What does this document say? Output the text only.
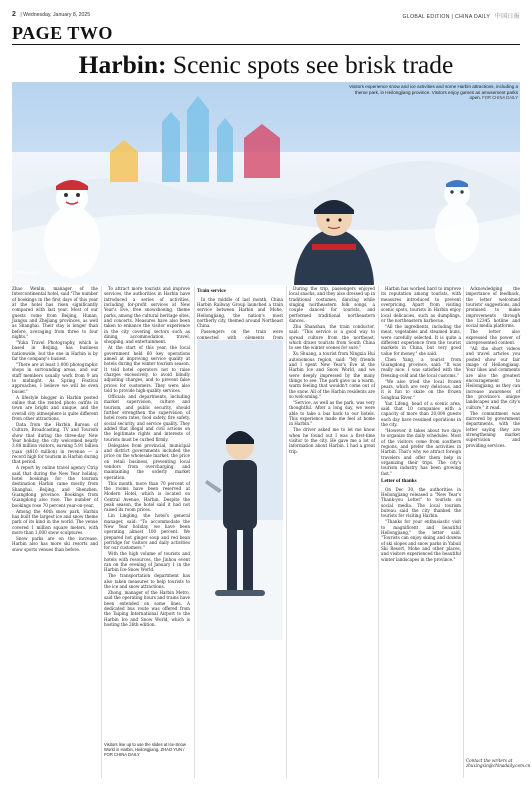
2 | Wednesday, January 8, 2025	GLOBAL EDITION | CHINA DAILY 中国日报
PAGE TWO
Harbin: Scenic spots see brisk trade
Visitors experience snow and ice activities and some Harbin attractions, including a theme park, in Heilongjiang province. Visitors enjoy games as amusement parks open. FOR CHINA DAILY
From page 1

Zhao Wenlin, manager of the Intercontinental hotel, said "The number of bookings in the first days of this year at the hotel has risen significantly compared with last year. Most of our guests come from Beijing, Hunan, Jiangsu and Zhejiang provinces, as well as Shanghai. Their stay is longer than before, averaging from three to four nights."

"Yuka Travel Photography, which is based in Beijing, has business nationwide, but the one in Harbin is by far the company's busiest.

"There are at least 1,000 photographic shops in surrounding areas, and our staff members usually work from 9 am to midnight. As Spring Festival approaches, I believe we will be even busier."

A lifestyle blogger in Harbin posted online that the rented photo outfits in town are bright and unique, and the overall city atmosphere is quite different from other attractions.

Data from the Harbin Bureau of Culture, Broadcasting, TV and Tourism show that during the three-day New Year holiday, the city welcomed nearly 3.88 million visitors, earning 5.91 billion yuan ($810 million) in revenue — a record high for tourism in Harbin during that period.

A report by online travel agency Ctrip said that during the New Year holiday, hotel bookings for the tourism destination Harbin came mostly from Shanghai, Beijing, and Shenzhen, Guangdong province. Bookings from Guangdong also rose. The number of bookings rose 70 percent year-on-year.

Among the 40th snow park, Harbin has built the largest ice and snow theme park of its kind in the world. The venue covered 1 million square meters, with more than 1,000 snow sculptures.

Snow parks are on the increase. Harbin also has more ski resorts and snow sports venues than before.

To attract more tourists and improve services, the authorities in Harbin have introduced a series of activities, including for-profit services at New Year's Eve, free snowshoeing, theme parks, among the cultural heritage sites, and concerts. Measures have also been taken to enhance the visitor experience in the city covering sectors such as dining, accommodation, travel, shopping, and entertainment.

At the start of this year, the local government held 60 key operations aimed at improving service quality at hotels during the winter tourism season. It told hotel operators not to raise charges excessively, to avoid blindly adjusting charges, and to prevent false prices for customers. They were also told to provide high-quality services.

Officials and departments, including market supervision, culture and tourism, and public security, should further strengthen the supervision of hotel room rates, food safety, fire safety, social security, and service quality. They added that illegal and civil actions on the legitimate rights and interests of tourists must be curbed firmly.

Delegates from provincial, municipal and district governments included the price on the wholesale market, the price on retail business, preventing local vendors from overcharging, and maintaining the orderly market operation.

This month, more than 70 percent of the rooms have been reserved at Modern Hotel, which is located on Central Avenue, Harbin. Despite the peak season, the hotel said it had not raised its room prices.

Lin Lingling, the hotel's general manager, said: "To accommodate the New Year holiday, we have been operating almost 100 percent. We prepared hot ginger soup and red bean porridge for visitors and daily activities for our customers."

With the high volume of tourists and hotels with resources, the Jinhou event ran on the evening of January 1 in the Harbin Ice-Snow World.

The transportation department has also taken measures to help tourists to the ice and snow attractions.

Zhong, manager of the Harbin Metro, said the operating hours and trains have been extended on some lines. A dedicated bus route was offered from the Taiping International Airport to the Harbin Ice and Snow World, which is hosting the 26th edition.

Train service

In the middle of last month, China Harbin Railway Group launched a train service between Harbin and Mohe, Heilongjiang, the nation's most northerly city, themed around Northeast China.

Passengers on the train were connected with elements from

During the trip, passengers enjoyed local snacks, and they also dressed up in traditional costumes, dancing while singing northeastern folk songs, a couple danced for tourists, and performed traditional northeastern dances.

Zhu Shanshan, the train conductor, said: "This service is a good way to spread culture from the northeast, which draws tourists from South China to see the winter scenes for sure."

Xu Shuang, a tourist from Ningxia Hui autonomous region, said: "My friends and I spent New Year's Eve at the Harbin Ice and Snow World, and we were deeply impressed by the many things to see. The park gave us a warm, warm feeling that wouldn't come out of the snow. All of the Harbin residents are so welcoming."

"Service, as well as the park, was very thoughtful. After a long day, we were able to take a bus back to our hotels. This experience made me feel at home in Harbin."

The driver asked me to let me know when he found out I was a first-time visitor to the city. He gave me a lot of information about Harbin. I had a great trip.

Harbin has worked hard to improve its reputation among tourists, with measures introduced to prevent overpricing. Apart from visiting scenic spots, tourists in Harbin enjoy local delicacies, such as dumplings, or the northeastern barbecue.

"All the ingredients, including the meat, vegetables and steamed buns, were carefully selected. It is quite a different experience from the tourist markets in China, but very good value for money," she said.

Chen Yang, a tourist from Guangdong province, said: "It was really nice. I was satisfied with the freezing-cold and the local customs."

"We also tried the local frozen pears, which are very delicious, and it is fun to skate on the frozen Songhua River."

Yan Lifeng, head of a scenic area, said that 10 companies with a capacity of more than 20,000 guests each day have resumed operations in the city.

"However, it takes about two days to organize the daily schedules. Most of the visitors come from southern regions, and prefer the activities in Harbin. That's why we attract foreign travelers and offer them help in organizing their trips. The city's tourism industry has been growing fast."

Letter of thanks

On Dec 30, the authorities in Heilongjiang released a "New Year's Thank-you Letter" to tourists on social media. The local tourism bureau said the city thanked the tourists for visiting Harbin.

"Thanks for your enthusiastic visit to magnificent and beautiful Heilongjiang," the letter said. "Tourists can enjoy skiing and dozens of ski slopes and snow parks in Yabuli Ski Resort, Mohe and other places, and visitors experienced the beautiful winter landscapes in the province."

Acknowledging the importance of feedback, the letter welcomed tourists' suggestions, and promised to make improvements through the 12345 hotline and social media platforms.

The letter also expressed the power of unrepresented content.

"All the short videos and travel articles you posted show our fair image of Heilongjiang. Your likes and comments are also the greatest encouragement to Heilongjiang, as they can increase awareness of the province's unique landscapes and the city's culture," it read.

The commitment was mirrored by government departments, with the letter saying they are strengthening market supervision and providing services.

Visitors line up to use the slides at Ice-Snow World in Harbin, Heilongjiang. ZHAO YUN / FOR CHINA DAILY
Contact the writers at zhuxingxin@chinadaily.com.cn
